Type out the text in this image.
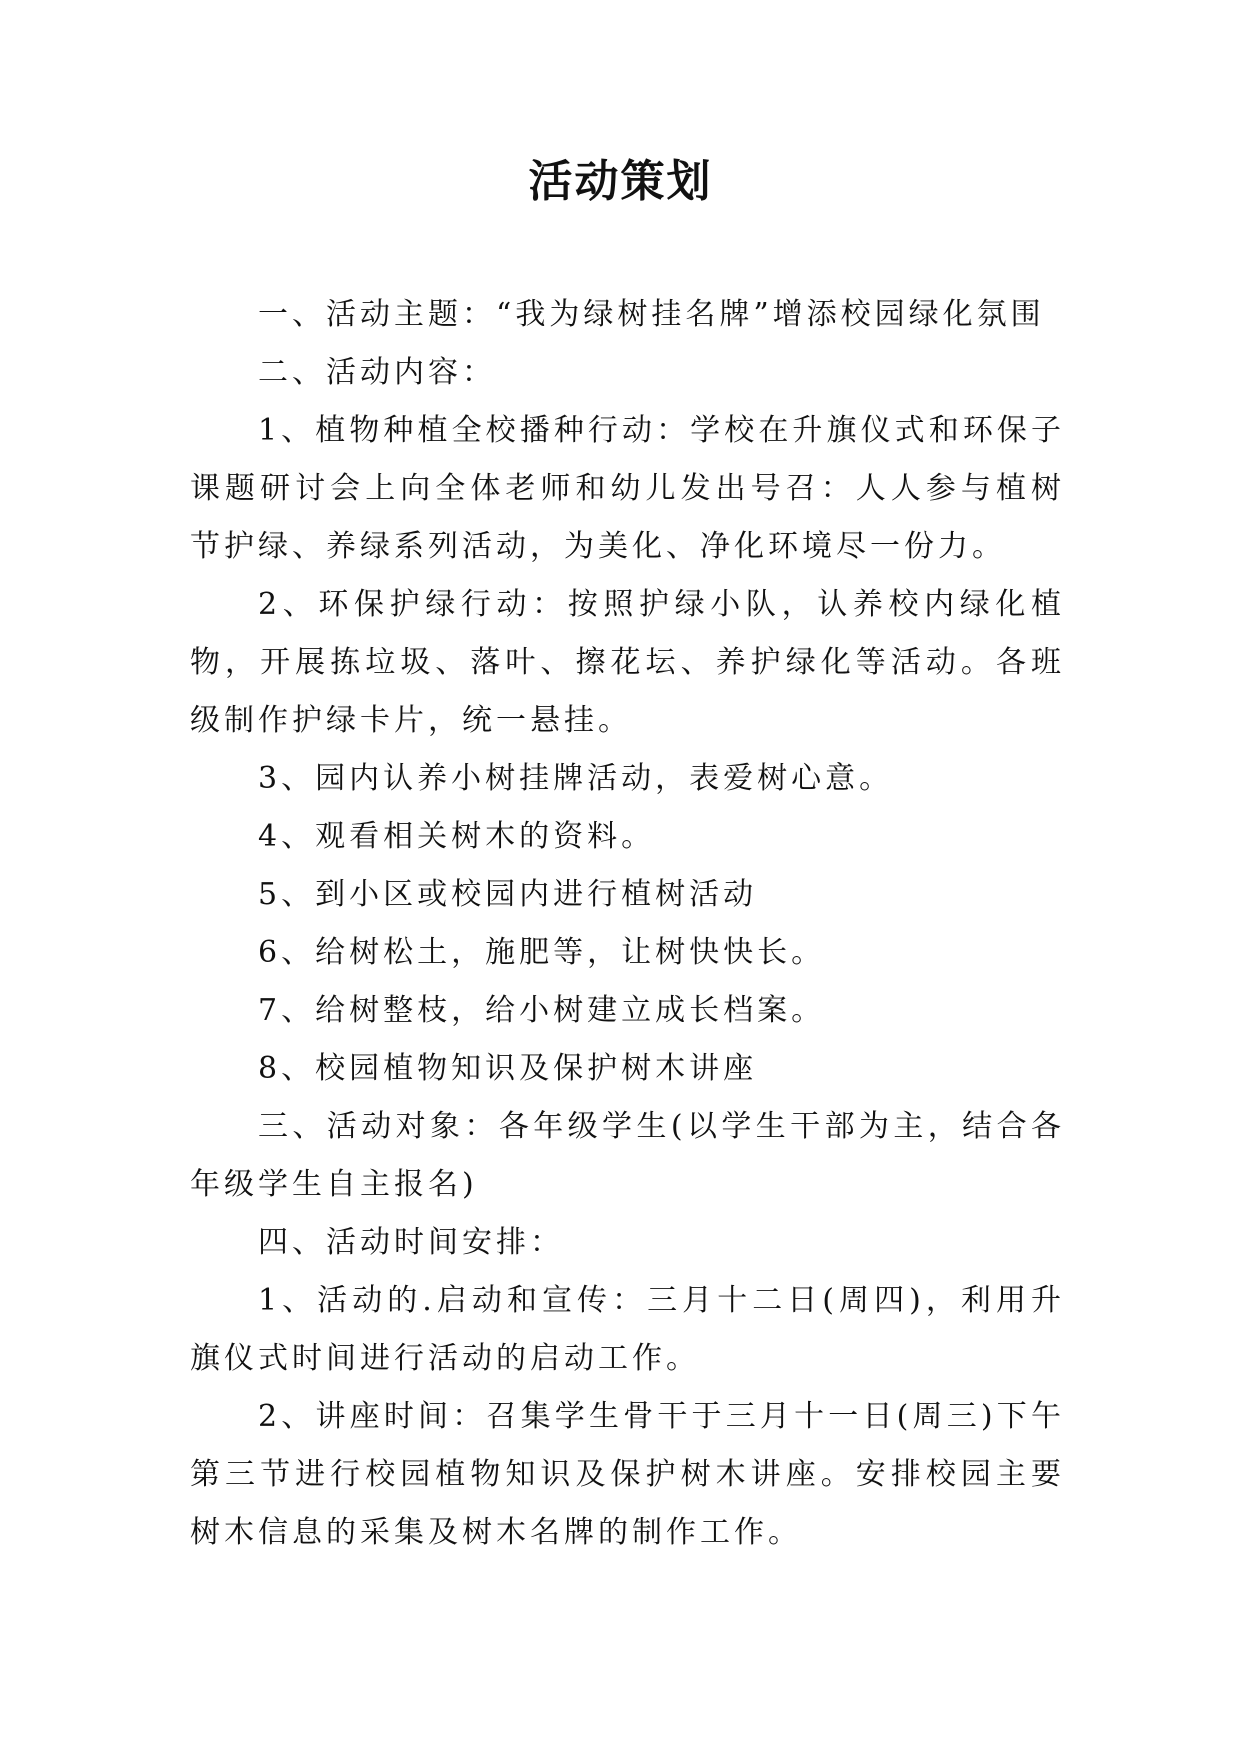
活动策划

一、活动主题：“我为绿树挂名牌”增添校园绿化氛围

二、活动内容：

1、植物种植全校播种行动：学校在升旗仪式和环保子课题研讨会上向全体老师和幼儿发出号召：人人参与植树节护绿、养绿系列活动，为美化、净化环境尽一份力。

2、环保护绿行动：按照护绿小队，认养校内绿化植物，开展拣垃圾、落叶、擦花坛、养护绿化等活动。各班级制作护绿卡片，统一悬挂。

3、园内认养小树挂牌活动，表爱树心意。

4、观看相关树木的资料。

5、到小区或校园内进行植树活动

6、给树松土，施肥等，让树快快长。

7、给树整枝，给小树建立成长档案。

8、校园植物知识及保护树木讲座

三、活动对象：各年级学生(以学生干部为主，结合各年级学生自主报名)

四、活动时间安排：

1、活动的.启动和宣传：三月十二日(周四)，利用升旗仪式时间进行活动的启动工作。

2、讲座时间：召集学生骨干于三月十一日(周三)下午第三节进行校园植物知识及保护树木讲座。安排校园主要树木信息的采集及树木名牌的制作工作。
